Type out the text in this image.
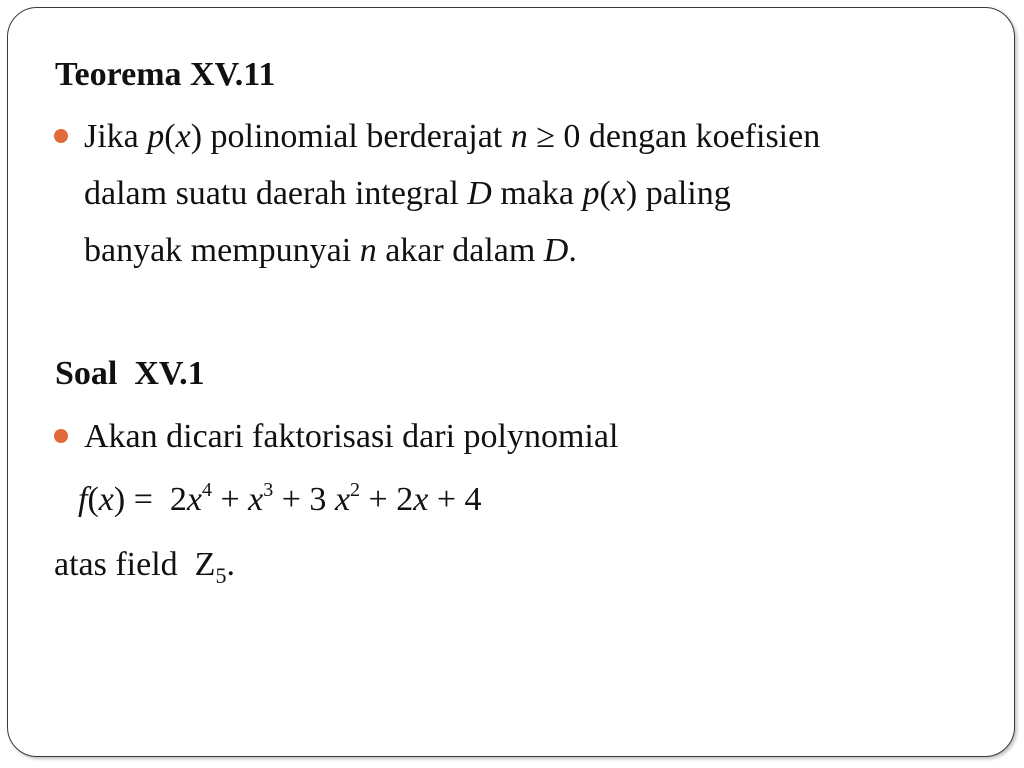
Teorema XV.11
Jika p(x) polinomial berderajat n ≥ 0 dengan koefisien
dalam suatu daerah integral D maka p(x) paling
banyak mempunyai n akar dalam D.
Soal  XV.1
Akan dicari faktorisasi dari polynomial
$f(x) = 2x^4 + x^3 + 3$ $x^2 + 2x + 4$
atas field  $Z_5$.
